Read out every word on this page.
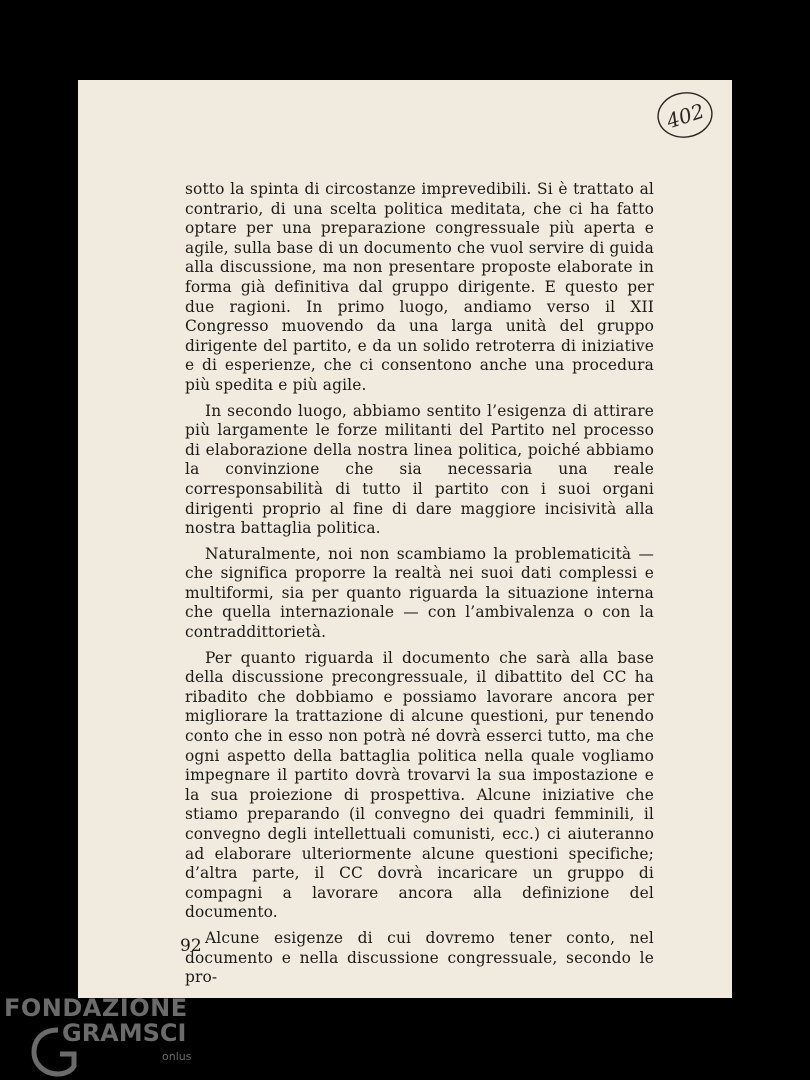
402

sotto la spinta di circostanze imprevedibili. Si è trattato al contrario, di una scelta politica meditata, che ci ha fatto optare per una preparazione congressuale più aperta e agile, sulla base di un documento che vuol servire di guida alla discussione, ma non presentare proposte elaborate in forma già definitiva dal gruppo dirigente. E questo per due ragioni. In primo luogo, andiamo verso il XII Congresso muovendo da una larga unità del gruppo dirigente del partito, e da un solido retroterra di iniziative e di esperienze, che ci consentono anche una procedura più spedita e più agile.

In secondo luogo, abbiamo sentito l’esigenza di attirare più largamente le forze militanti del Partito nel processo di elaborazione della nostra linea politica, poiché abbiamo la convinzione che sia necessaria una reale corresponsabilità di tutto il partito con i suoi organi dirigenti proprio al fine di dare maggiore incisività alla nostra battaglia politica.

Naturalmente, noi non scambiamo la problematicità — che significa proporre la realtà nei suoi dati complessi e multiformi, sia per quanto riguarda la situazione interna che quella internazionale — con l’ambivalenza o con la contraddittorietà.

Per quanto riguarda il documento che sarà alla base della discussione precongressuale, il dibattito del CC ha ribadito che dobbiamo e possiamo lavorare ancora per migliorare la trattazione di alcune questioni, pur tenendo conto che in esso non potrà né dovrà esserci tutto, ma che ogni aspetto della battaglia politica nella quale vogliamo impegnare il partito dovrà trovarvi la sua impostazione e la sua proiezione di prospettiva. Alcune iniziative che stiamo preparando (il convegno dei quadri femminili, il convegno degli intellettuali comunisti, ecc.) ci aiuteranno ad elaborare ulteriormente alcune questioni specifiche; d’altra parte, il CC dovrà incaricare un gruppo di compagni a lavorare ancora alla definizione del documento.

Alcune esigenze di cui dovremo tener conto, nel documento e nella discussione congressuale, secondo le pro-

92
FONDAZIONE
GRAMSCI
onlus
